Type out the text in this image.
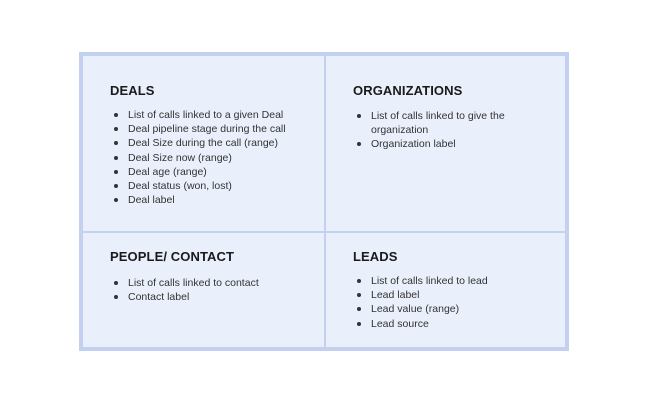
DEALS
List of calls linked to a given Deal
Deal pipeline stage during the call
Deal Size during the call (range)
Deal Size now (range)
Deal age (range)
Deal status (won, lost)
Deal label
ORGANIZATIONS
List of calls linked to give the organization
Organization label
PEOPLE/ CONTACT
List of calls linked to contact
Contact label
LEADS
List of calls linked to lead
Lead label
Lead value (range)
Lead source
